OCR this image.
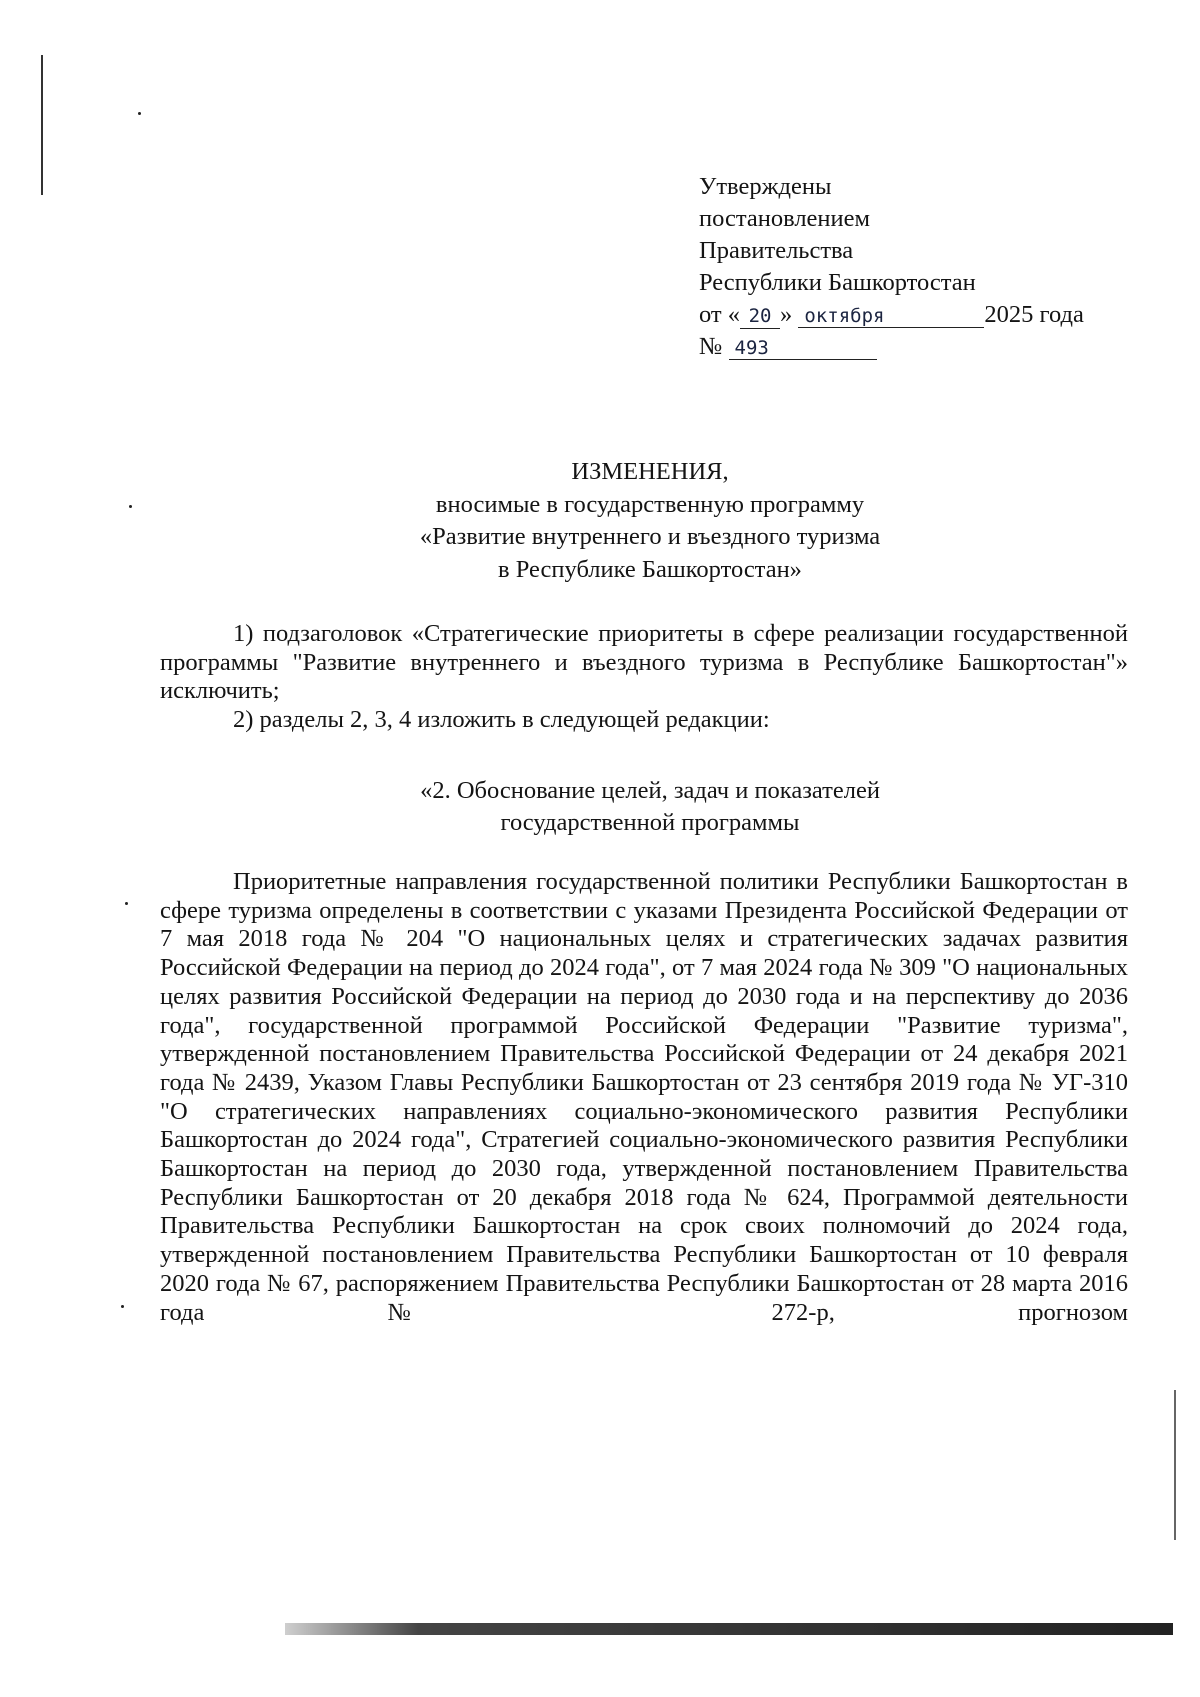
Утверждены
постановлением
Правительства
Республики Башкортостан
от « 20 » октября	2025 года
№ 493
ИЗМЕНЕНИЯ,
вносимые в государственную программу
«Развитие внутреннего и въездного туризма
в Республике Башкортостан»

1) подзаголовок «Стратегические приоритеты в сфере реализации государственной программы "Развитие внутреннего и въездного туризма в Республике Башкортостан"» исключить;

2) разделы 2, 3, 4 изложить в следующей редакции:

«2. Обоснование целей, задач и показателей
государственной программы

Приоритетные направления государственной политики Республики Башкортостан в сфере туризма определены в соответствии с указами Президента Российской Федерации от 7 мая 2018 года № 204 "О национальных целях и стратегических задачах развития Российской Федерации на период до 2024 года", от 7 мая 2024 года № 309 "О национальных целях развития Российской Федерации на период до 2030 года и на перспективу до 2036 года", государственной программой Российской Федерации "Развитие туризма", утвержденной постановлением Правительства Российской Федерации от 24 декабря 2021 года № 2439, Указом Главы Республики Башкортостан от 23 сентября 2019 года № УГ-310 "О стратегических направлениях социально-экономического развития Республики Башкортостан до 2024 года", Стратегией социально-экономического развития Республики Башкортостан на период до 2030 года, утвержденной постановлением Правительства Республики Башкортостан от 20 декабря 2018 года № 624, Программой деятельности Правительства Республики Башкортостан на срок своих полномочий до 2024 года, утвержденной постановлением Правительства Республики Башкортостан от 10 февраля 2020 года № 67, распоряжением Правительства Республики Башкортостан от 28 марта 2016 года № 272-р, прогнозом
